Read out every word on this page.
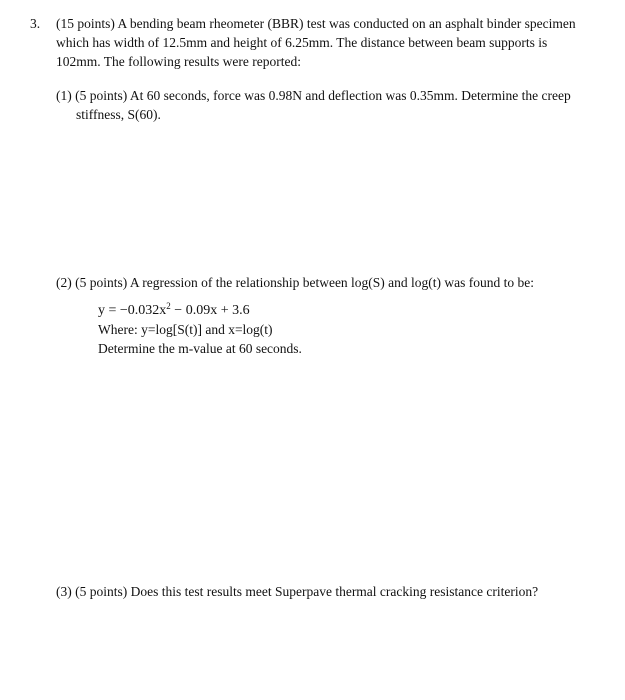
3. (15 points) A bending beam rheometer (BBR) test was conducted on an asphalt binder specimen
which has width of 12.5mm and height of 6.25mm. The distance between beam supports is
102mm. The following results were reported:
(1) (5 points) At 60 seconds, force was 0.98N and deflection was 0.35mm. Determine the creep
stiffness, S(60).
(2) (5 points) A regression of the relationship between log(S) and log(t) was found to be:
$y = -0.032x^2 - 0.09x + 3.6$
Where: y=log[S(t)] and x=log(t)
Determine the m-value at 60 seconds.
(3) (5 points) Does this test results meet Superpave thermal cracking resistance criterion?
